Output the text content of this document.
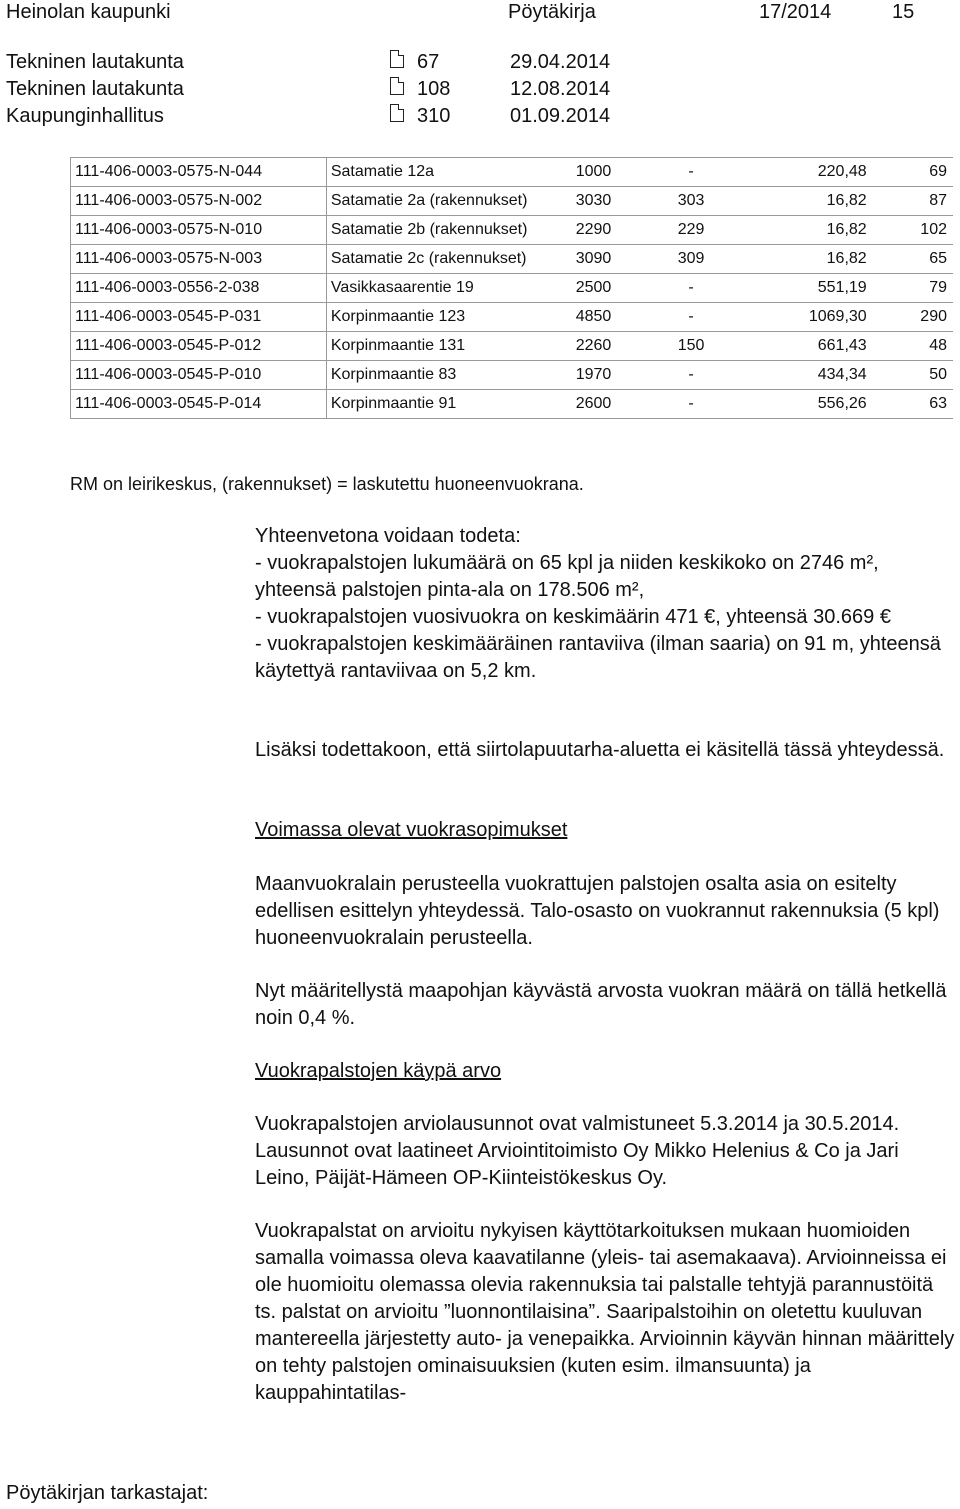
Heinolan kaupunki	Pöytäkirja	17/2014	15
Tekninen lautakunta	67	29.04.2014
Tekninen lautakunta	108	12.08.2014
Kaupunginhallitus	310	01.09.2014
111-406-0003-0575-N-044	Satamatie 12a	1000	-	220,48	69
111-406-0003-0575-N-002	Satamatie 2a (rakennukset)	3030	303	16,82	87
111-406-0003-0575-N-010	Satamatie 2b (rakennukset)	2290	229	16,82	102
111-406-0003-0575-N-003	Satamatie 2c (rakennukset)	3090	309	16,82	65
111-406-0003-0556-2-038	Vasikkasaarentie 19	2500	-	551,19	79
111-406-0003-0545-P-031	Korpinmaantie 123	4850	-	1069,30	290
111-406-0003-0545-P-012	Korpinmaantie 131	2260	150	661,43	48
111-406-0003-0545-P-010	Korpinmaantie 83	1970	-	434,34	50
111-406-0003-0545-P-014	Korpinmaantie 91	2600	-	556,26	63
RM on leirikeskus, (rakennukset) = laskutettu huoneenvuokrana.

Yhteenvetona voidaan todeta:

- vuokrapalstojen lukumäärä on 65 kpl ja niiden keskikoko on 2746 m², yhteensä palstojen pinta-ala on 178.506 m²,

- vuokrapalstojen vuosivuokra on keskimäärin 471 €, yhteensä 30.669 €

- vuokrapalstojen keskimääräinen rantaviiva (ilman saaria) on 91 m, yhteensä käytettyä rantaviivaa on 5,2 km.

Lisäksi todettakoon, että siirtolapuutarha-aluetta ei käsitellä tässä yhteydessä.
Voimassa olevat vuokrasopimukset
Maanvuokralain perusteella vuokrattujen palstojen osalta asia on esitelty edellisen esittelyn yhteydessä. Talo-osasto on vuokrannut rakennuksia (5 kpl) huoneenvuokralain perusteella.
Nyt määritellystä maapohjan käyvästä arvosta vuokran määrä on tällä hetkellä noin 0,4 %.
Vuokrapalstojen käypä arvo
Vuokrapalstojen arviolausunnot ovat valmistuneet 5.3.2014 ja 30.5.2014. Lausunnot ovat laatineet Arviointitoimisto Oy Mikko Helenius & Co ja Jari Leino, Päijät-Hämeen OP-Kiinteistökeskus Oy.
Vuokrapalstat on arvioitu nykyisen käyttötarkoituksen mukaan huomioiden samalla voimassa oleva kaavatilanne (yleis- tai asemakaava). Arvioinneissa ei ole huomioitu olemassa olevia rakennuksia tai palstalle tehtyjä parannustöitä ts. palstat on arvioitu ”luonnontilaisina”. Saaripalstoihin on oletettu kuuluvan mantereella järjestetty auto- ja venepaikka. Arvioinnin käyvän hinnan määrittely on tehty palstojen ominaisuuksien (kuten esim. ilmansuunta) ja kauppahintatilas-
Pöytäkirjan tarkastajat:
